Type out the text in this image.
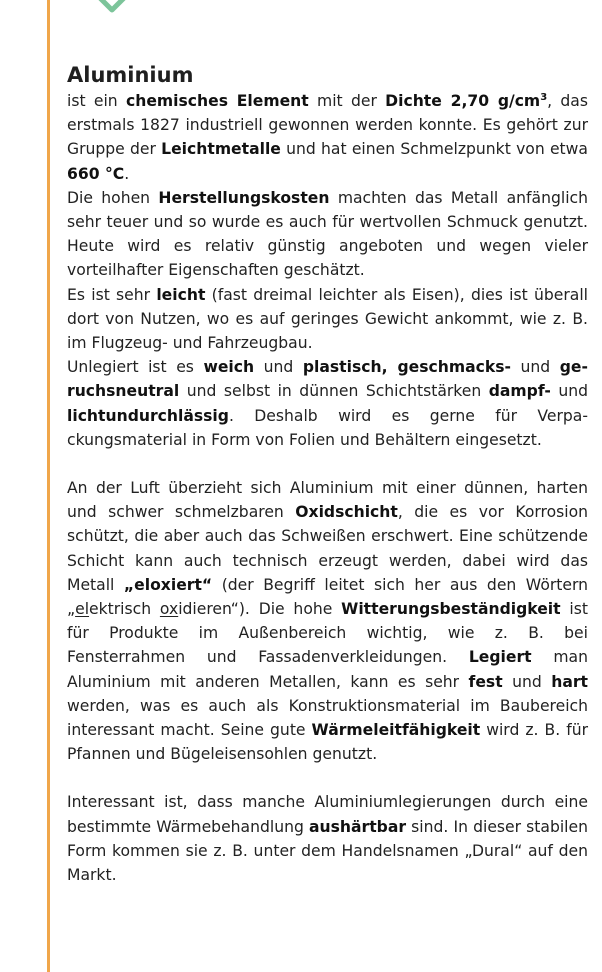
Aluminium

ist ein chemisches Element mit der Dichte 2,70 $g/cm^3$, das erstmals 1827 industriell gewonnen werden konnte. Es gehört zur Gruppe der Leichtmetalle und hat einen Schmelzpunkt von etwa 660 °C.

Die hohen Herstellungskosten machten das Metall anfänglich sehr teuer und so wurde es auch für wertvollen Schmuck genutzt. Heute wird es relativ günstig angeboten und wegen vieler vorteilhafter Eigenschaften geschätzt.

Es ist sehr leicht (fast dreimal leichter als Eisen), dies ist überall dort von Nutzen, wo es auf geringes Gewicht ankommt, wie z. B. im Flugzeug- und Fahrzeugbau.

Unlegiert ist es weich und plastisch, geschmacks- und geruchsneutral und selbst in dünnen Schichtstärken dampf- und lichtundurchlässig. Deshalb wird es gerne für Verpackungsmaterial in Form von Folien und Behältern eingesetzt.

An der Luft überzieht sich Aluminium mit einer dünnen, harten und schwer schmelzbaren Oxidschicht, die es vor Korrosion schützt, die aber auch das Schweißen erschwert. Eine schützende Schicht kann auch technisch erzeugt werden, dabei wird das Metall „eloxiert“ (der Begriff leitet sich her aus den Wörtern „elektrisch oxidieren“). Die hohe Witterungsbeständigkeit ist für Produkte im Außenbereich wichtig, wie z. B. bei Fensterrahmen und Fassadenverkleidungen. Legiert man Aluminium mit anderen Metallen, kann es sehr fest und hart werden, was es auch als Konstruktionsmaterial im Baubereich interessant macht. Seine gute Wärmeleitfähigkeit wird z. B. für Pfannen und Bügeleisensohlen genutzt.

Interessant ist, dass manche Aluminiumlegierungen durch eine bestimmte Wärmebehandlung aushärtbar sind. In dieser stabilen Form kommen sie z. B. unter dem Handelsnamen „Dural“ auf den Markt.
